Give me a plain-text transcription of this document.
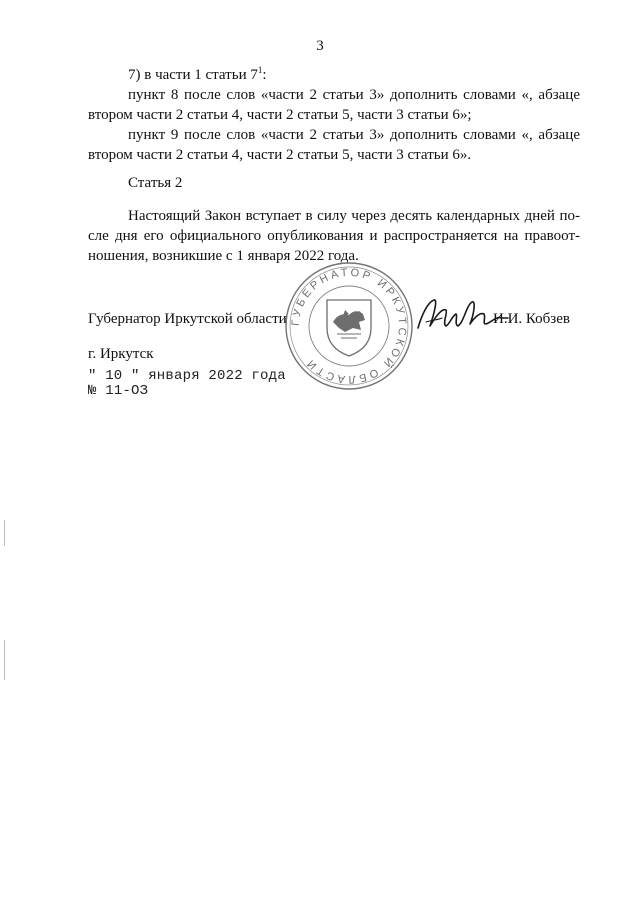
3
7) в части 1 статьи $7^1$:
пункт 8 после слов «части 2 статьи 3» дополнить словами «, абзаце
втором части 2 статьи 4, части 2 статьи 5, части 3 статьи 6»;
пункт 9 после слов «части 2 статьи 3» дополнить словами «, абзаце
втором части 2 статьи 4, части 2 статьи 5, части 3 статьи 6».
Статья 2
Настоящий Закон вступает в силу через десять календарных дней по-
сле дня его официального опубликования и распространяется на правоот-
ношения, возникшие с 1 января 2022 года.
Губернатор Иркутской области	И.И. Кобзев
г. Иркутск
" 10 " января 2022 года
№ 11-ОЗ
ГУБЕРНАТОР ИРКУТСКОЙ ОБЛАСТИ
